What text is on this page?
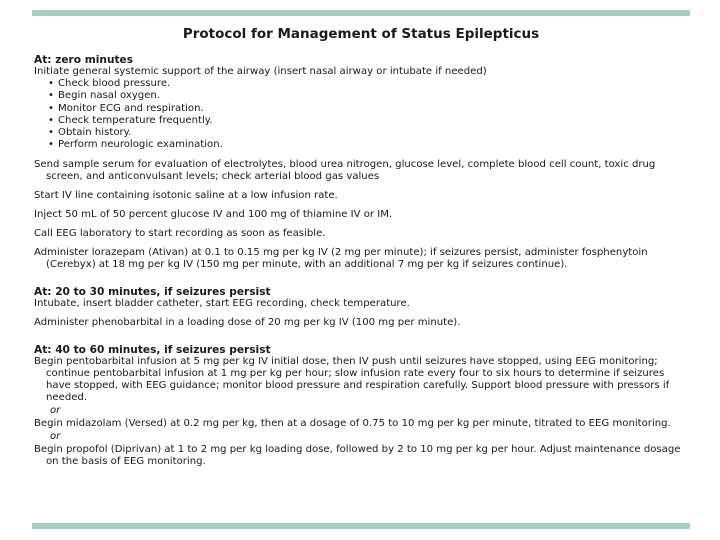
Protocol for Management of Status Epilepticus

At: zero minutes

Initiate general systemic support of the airway (insert nasal airway or intubate if needed)

• Check blood pressure.
• Begin nasal oxygen.
• Monitor ECG and respiration.
• Check temperature frequently.
• Obtain history.
• Perform neurologic examination.

Send sample serum for evaluation of electrolytes, blood urea nitrogen, glucose level, complete blood cell count, toxic drug screen, and anticonvulsant levels; check arterial blood gas values

Start IV line containing isotonic saline at a low infusion rate.

Inject 50 mL of 50 percent glucose IV and 100 mg of thiamine IV or IM.

Call EEG laboratory to start recording as soon as feasible.

Administer lorazepam (Ativan) at 0.1 to 0.15 mg per kg IV (2 mg per minute); if seizures persist, administer fosphenytoin (Cerebyx) at 18 mg per kg IV (150 mg per minute, with an additional 7 mg per kg if seizures continue).

At: 20 to 30 minutes, if seizures persist

Intubate, insert bladder catheter, start EEG recording, check temperature.

Administer phenobarbital in a loading dose of 20 mg per kg IV (100 mg per minute).

At: 40 to 60 minutes, if seizures persist

Begin pentobarbital infusion at 5 mg per kg IV initial dose, then IV push until seizures have stopped, using EEG monitoring; continue pentobarbital infusion at 1 mg per kg per hour; slow infusion rate every four to six hours to determine if seizures have stopped, with EEG guidance; monitor blood pressure and respiration carefully. Support blood pressure with pressors if needed.

or

Begin midazolam (Versed) at 0.2 mg per kg, then at a dosage of 0.75 to 10 mg per kg per minute, titrated to EEG monitoring.

or

Begin propofol (Diprivan) at 1 to 2 mg per kg loading dose, followed by 2 to 10 mg per kg per hour. Adjust maintenance dosage on the basis of EEG monitoring.
